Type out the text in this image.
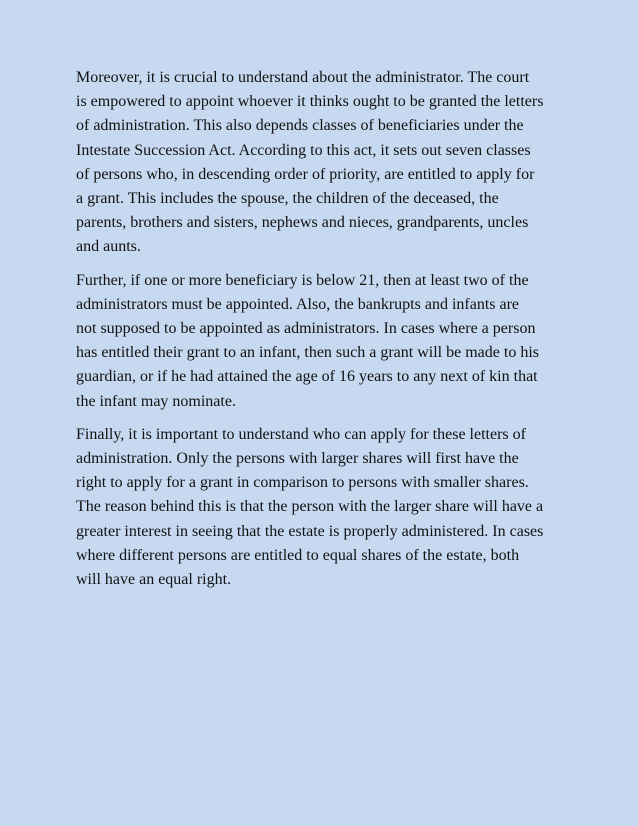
Moreover, it is crucial to understand about the administrator. The court
is empowered to appoint whoever it thinks ought to be granted the letters
of administration. This also depends classes of beneficiaries under the
Intestate Succession Act. According to this act, it sets out seven classes
of persons who, in descending order of priority, are entitled to apply for
a grant. This includes the spouse, the children of the deceased, the
parents, brothers and sisters, nephews and nieces, grandparents, uncles
and aunts.

Further, if one or more beneficiary is below 21, then at least two of the
administrators must be appointed. Also, the bankrupts and infants are
not supposed to be appointed as administrators. In cases where a person
has entitled their grant to an infant, then such a grant will be made to his
guardian, or if he had attained the age of 16 years to any next of kin that
the infant may nominate.

Finally, it is important to understand who can apply for these letters of
administration. Only the persons with larger shares will first have the
right to apply for a grant in comparison to persons with smaller shares.
The reason behind this is that the person with the larger share will have a
greater interest in seeing that the estate is properly administered. In cases
where different persons are entitled to equal shares of the estate, both
will have an equal right.
